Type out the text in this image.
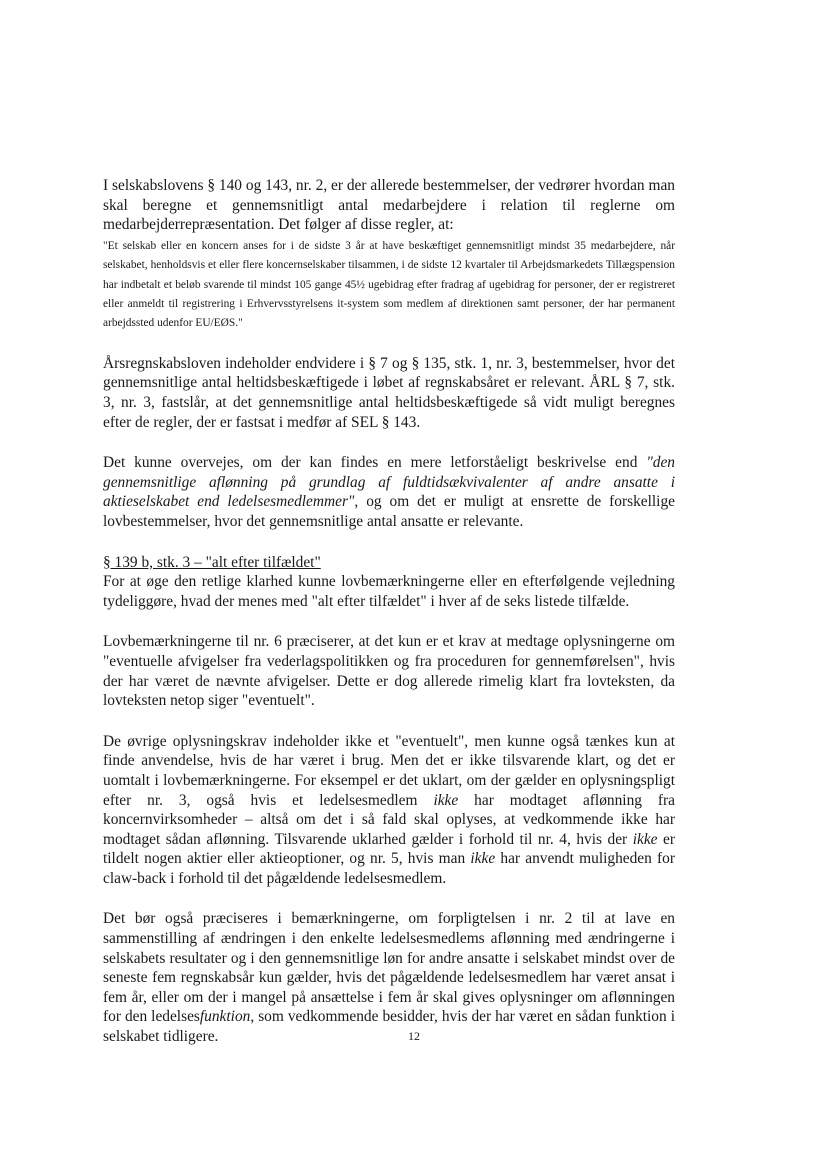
I selskabslovens § 140 og 143, nr. 2, er der allerede bestemmelser, der vedrører hvordan man skal beregne et gennemsnitligt antal medarbejdere i relation til reglerne om medarbejderrepræsentation. Det følger af disse regler, at:

"Et selskab eller en koncern anses for i de sidste 3 år at have beskæftiget gennemsnitligt mindst 35 medarbejdere, når selskabet, henholdsvis et eller flere koncernselskaber tilsammen, i de sidste 12 kvartaler til Arbejdsmarkedets Tillægspension har indbetalt et beløb svarende til mindst 105 gange 45½ ugebidrag efter fradrag af ugebidrag for personer, der er registreret eller anmeldt til registrering i Erhvervsstyrelsens it-system som medlem af direktionen samt personer, der har permanent arbejdssted udenfor EU/EØS."

Årsregnskabsloven indeholder endvidere i § 7 og § 135, stk. 1, nr. 3, bestemmelser, hvor det gennemsnitlige antal heltidsbeskæftigede i løbet af regnskabsåret er relevant. ÅRL § 7, stk. 3, nr. 3, fastslår, at det gennemsnitlige antal heltidsbeskæftigede så vidt muligt beregnes efter de regler, der er fastsat i medfør af SEL § 143.

Det kunne overvejes, om der kan findes en mere letforståeligt beskrivelse end "den gennemsnitlige aflønning på grundlag af fuldtidsækvivalenter af andre ansatte i aktieselskabet end ledelsesmedlemmer", og om det er muligt at ensrette de forskellige lovbestemmelser, hvor det gennemsnitlige antal ansatte er relevante.

§ 139 b, stk. 3 – "alt efter tilfældet"

For at øge den retlige klarhed kunne lovbemærkningerne eller en efterfølgende vejledning tydeliggøre, hvad der menes med "alt efter tilfældet" i hver af de seks listede tilfælde.

Lovbemærkningerne til nr. 6 præciserer, at det kun er et krav at medtage oplysningerne om "eventuelle afvigelser fra vederlagspolitikken og fra proceduren for gennemførelsen", hvis der har været de nævnte afvigelser. Dette er dog allerede rimelig klart fra lovteksten, da lovteksten netop siger "eventuelt".

De øvrige oplysningskrav indeholder ikke et "eventuelt", men kunne også tænkes kun at finde anvendelse, hvis de har været i brug. Men det er ikke tilsvarende klart, og det er uomtalt i lovbemærkningerne. For eksempel er det uklart, om der gælder en oplysningspligt efter nr. 3, også hvis et ledelsesmedlem ikke har modtaget aflønning fra koncernvirksomheder – altså om det i så fald skal oplyses, at vedkommende ikke har modtaget sådan aflønning. Tilsvarende uklarhed gælder i forhold til nr. 4, hvis der ikke er tildelt nogen aktier eller aktieoptioner, og nr. 5, hvis man ikke har anvendt muligheden for claw-back i forhold til det pågældende ledelsesmedlem.

Det bør også præciseres i bemærkningerne, om forpligtelsen i nr. 2 til at lave en sammenstilling af ændringen i den enkelte ledelsesmedlems aflønning med ændringerne i selskabets resultater og i den gennemsnitlige løn for andre ansatte i selskabet mindst over de seneste fem regnskabsår kun gælder, hvis det pågældende ledelsesmedlem har været ansat i fem år, eller om der i mangel på ansættelse i fem år skal gives oplysninger om aflønningen for den ledelsesfunktion, som vedkommende besidder, hvis der har været en sådan funktion i selskabet tidligere.	12
